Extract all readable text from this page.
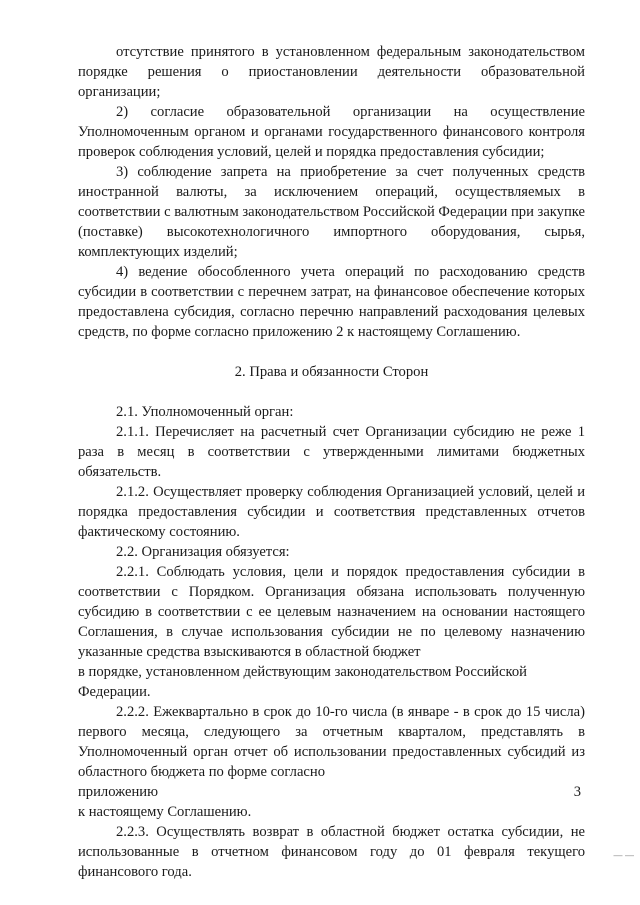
отсутствие принятого в установленном федеральным законодательством порядке решения о приостановлении деятельности образовательной организации;

2) согласие образовательной организации на осуществление Уполномоченным органом и органами государственного финансового контроля проверок соблюдения условий, целей и порядка предоставления субсидии;

3) соблюдение запрета на приобретение за счет полученных средств иностранной валюты, за исключением операций, осуществляемых в соответствии с валютным законодательством Российской Федерации при закупке (поставке) высокотехнологичного импортного оборудования, сырья, комплектующих изделий;

4) ведение обособленного учета операций по расходованию средств субсидии в соответствии с перечнем затрат, на финансовое обеспечение которых предоставлена субсидия, согласно перечню направлений расходования целевых средств, по форме согласно приложению 2 к настоящему Соглашению.

2. Права и обязанности Сторон

2.1. Уполномоченный орган:

2.1.1. Перечисляет на расчетный счет Организации субсидию не реже 1 раза в месяц в соответствии с утвержденными лимитами бюджетных обязательств.

2.1.2. Осуществляет проверку соблюдения Организацией условий, целей и порядка предоставления субсидии и соответствия представленных отчетов фактическому состоянию.

2.2. Организация обязуется:

2.2.1. Соблюдать условия, цели и порядок предоставления субсидии в соответствии с Порядком. Организация обязана использовать полученную субсидию в соответствии с ее целевым назначением на основании настоящего Соглашения, в случае использования субсидии не по целевому назначению указанные средства взыскиваются в областной бюджет

в порядке, установленном действующим законодательством Российской Федерации.

2.2.2. Ежеквартально в срок до 10-го числа (в январе - в срок до 15 числа) первого месяца, следующего за отчетным кварталом, представлять в Уполномоченный орган отчет об использовании предоставленных субсидий из областного бюджета по форме согласно

приложению	3

к настоящему Соглашению.

2.2.3. Осуществлять возврат в областной бюджет остатка субсидии, не использованные в отчетном финансовом году до 01 февраля текущего финансового года.

— —
